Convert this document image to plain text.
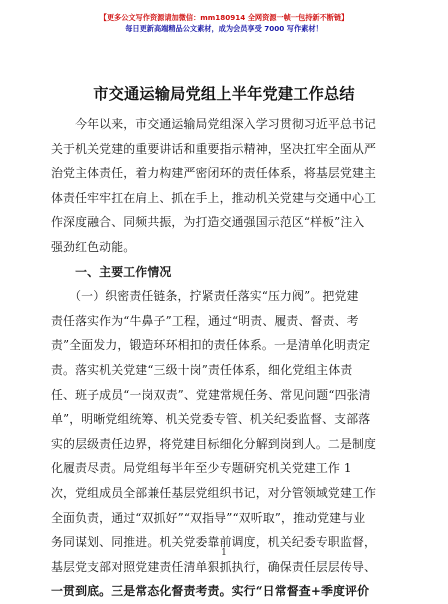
【更多公文写作资源请加微信：mm180914 全网资源一帧一包持新不断链】
每日更新高端精品公文素材，成为会员享受 7000 写作素材！
市交通运输局党组上半年党建工作总结
　　今年以来，市交通运输局党组深入学习贯彻习近平总书记
关于机关党建的重要讲话和重要指示精神，坚决扛牢全面从严
治党主体责任，着力构建严密闭环的责任体系，将基层党建主
体责任牢牢扛在肩上、抓在手上，推动机关党建与交通中心工
作深度融合、同频共振，为打造交通强国示范区“样板”注入
强劲红色动能。
　　一、主要工作情况
　　（一）织密责任链条，拧紧责任落实“压力阀”。把党建
责任落实作为“牛鼻子”工程，通过“明责、履责、督责、考
责”全面发力，锻造环环相扣的责任体系。一是清单化明责定
责。落实机关党建“三级十岗”责任体系，细化党组主体责
任、班子成员“一岗双责”、党建常规任务、常见问题“四张清
单”，明晰党组统筹、机关党委专管、机关纪委监督、支部落
实的层级责任边界，将党建目标细化分解到岗到人。二是制度
化履责尽责。局党组每半年至少专题研究机关党建工作 1
次，党组成员全部兼任基层党组织书记，对分管领域党建工作
全面负责，通过“双抓好”“双指导”“双听取”，推动党建与业
务同谋划、同推进。机关党委靠前调度，机关纪委专职监督，
基层党支部对照党建责任清单狠抓执行，确保责任层层传导、
一贯到底。三是常态化督责考责。实行“日常督查+季度评价
1
